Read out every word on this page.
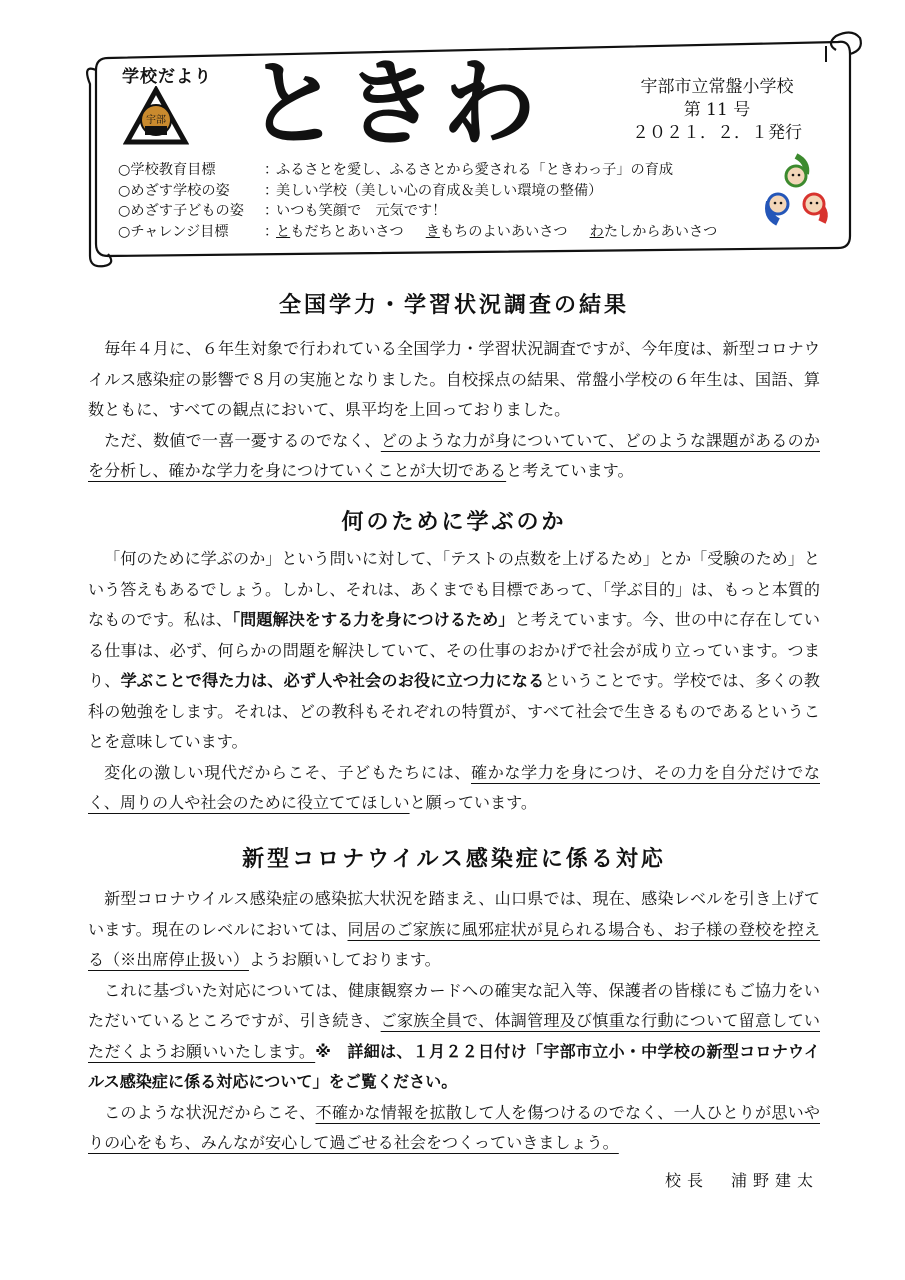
宇部
学校だより ときわ	宇部市立常盤小学校
第 11 号
２０２１．２．１発行
○学校教育目標	：
ふるさとを愛し、ふるさとから愛される「ときわっ子」の育成
○めざす学校の姿	：
美しい学校（美しい心の育成＆美しい環境の整備）
○めざす子どもの姿	：
いつも笑顔で　元気です！
○チャレンジ目標	：
ともだちとあいさつ きもちのよいあいさつ わたしからあいさつ
全国学力・学習状況調査の結果

毎年４月に、６年生対象で行われている全国学力・学習状況調査ですが、今年度は、新型コロナウイルス感染症の影響で８月の実施となりました。自校採点の結果、常盤小学校の６年生は、国語、算数ともに、すべての観点において、県平均を上回っておりました。

ただ、数値で一喜一憂するのでなく、どのような力が身についていて、どのような課題があるのかを分析し、確かな学力を身につけていくことが大切であると考えています。

何のために学ぶのか

「何のために学ぶのか」という問いに対して、「テストの点数を上げるため」とか「受験のため」という答えもあるでしょう。しかし、それは、あくまでも目標であって、「学ぶ目的」は、もっと本質的なものです。私は、「問題解決をする力を身につけるため」と考えています。今、世の中に存在している仕事は、必ず、何らかの問題を解決していて、その仕事のおかげで社会が成り立っています。つまり、学ぶことで得た力は、必ず人や社会のお役に立つ力になるということです。学校では、多くの教科の勉強をします。それは、どの教科もそれぞれの特質が、すべて社会で生きるものであるということを意味しています。

変化の激しい現代だからこそ、子どもたちには、確かな学力を身につけ、その力を自分だけでなく、周りの人や社会のために役立ててほしいと願っています。

新型コロナウイルス感染症に係る対応

新型コロナウイルス感染症の感染拡大状況を踏まえ、山口県では、現在、感染レベルを引き上げています。現在のレベルにおいては、同居のご家族に風邪症状が見られる場合も、お子様の登校を控える（※出席停止扱い）ようお願いしております。

これに基づいた対応については、健康観察カードへの確実な記入等、保護者の皆様にもご協力をいただいているところですが、引き続き、ご家族全員で、体調管理及び慎重な行動について留意していただくようお願いいたします。※　詳細は、１月２２日付け「宇部市立小・中学校の新型コロナウイルス感染症に係る対応について」をご覧ください。

このような状況だからこそ、不確かな情報を拡散して人を傷つけるのでなく、一人ひとりが思いやりの心をもち、みんなが安心して過ごせる社会をつくっていきましょう。

校長　浦野建太
